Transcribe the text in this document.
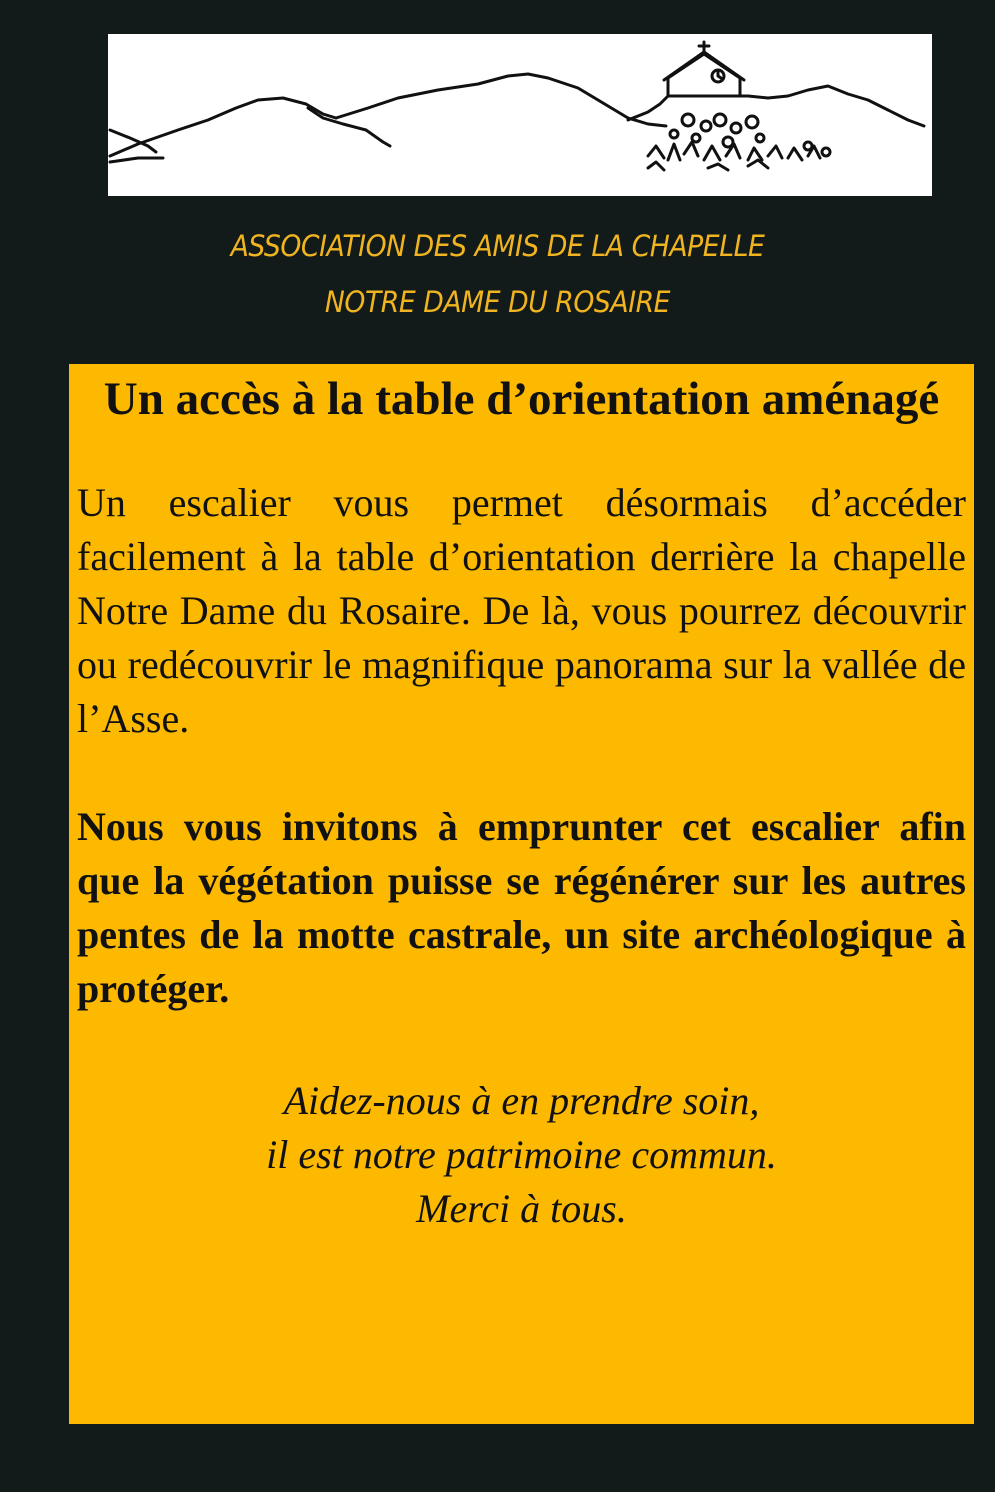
ASSOCIATION DES AMIS DE LA CHAPELLE
NOTRE DAME DU ROSAIRE

Un accès à la table d’orientation aménagé

Un escalier vous permet désormais d’accéder facilement à la table d’orientation derrière la chapelle Notre Dame du Rosaire. De là, vous pourrez découvrir ou redécouvrir le magnifique panorama sur la vallée de l’Asse.

Nous vous invitons à emprunter cet escalier afin que la végétation puisse se régénérer sur les autres pentes de la motte castrale, un site archéologique à protéger.

Aidez-nous à en prendre soin,
il est notre patrimoine commun.
Merci à tous.
